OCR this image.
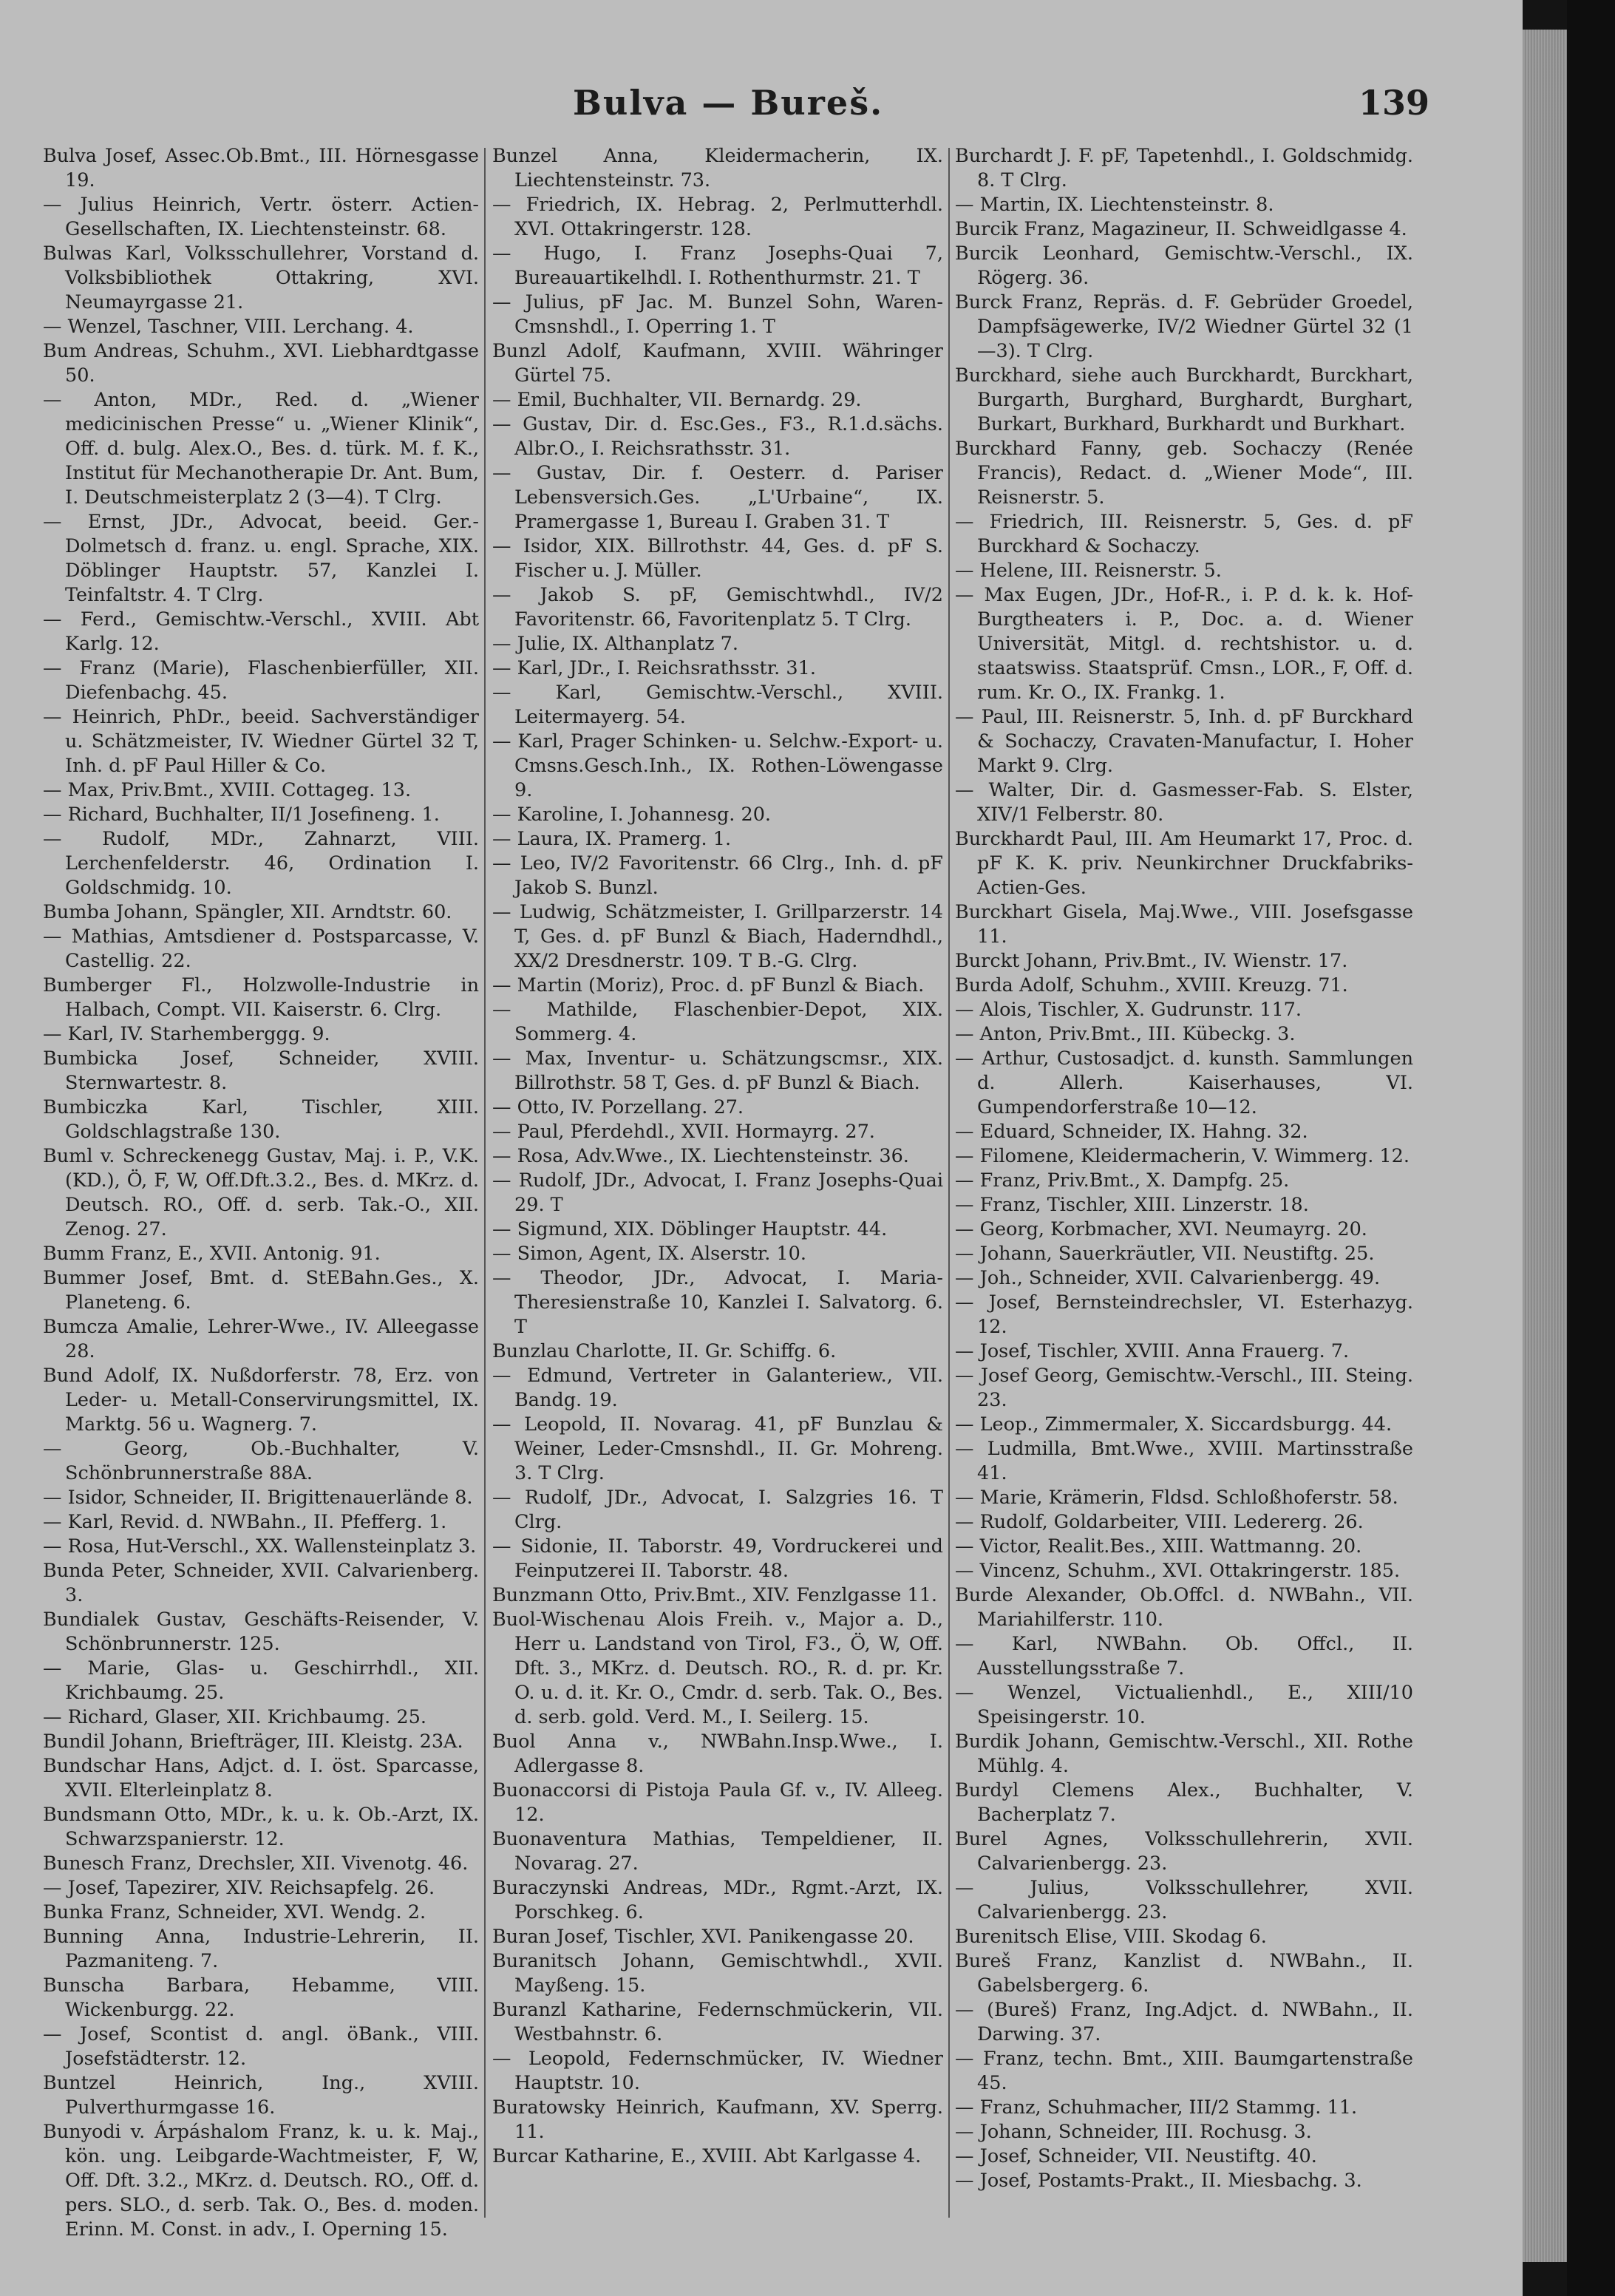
Bulva — Bureš.	139

Bulva Josef, Assec.Ob.Bmt., III. Hörnesgasse 19.

— Julius Heinrich, Vertr. österr. Actien-Gesellschaften, IX. Liechtensteinstr. 68.

Bulwas Karl, Volksschullehrer, Vorstand d. Volksbibliothek Ottakring, XVI. Neumayrgasse 21.

— Wenzel, Taschner, VIII. Lerchang. 4.

Bum Andreas, Schuhm., XVI. Liebhardtgasse 50.

— Anton, MDr., Red. d. „Wiener medicinischen Presse“ u. „Wiener Klinik“, Off. d. bulg. Alex.O., Bes. d. türk. M. f. K., Institut für Mechanotherapie Dr. Ant. Bum, I. Deutschmeisterplatz 2 (3—4). T Clrg.

— Ernst, JDr., Advocat, beeid. Ger.-Dolmetsch d. franz. u. engl. Sprache, XIX. Döblinger Hauptstr. 57, Kanzlei I. Teinfaltstr. 4. T Clrg.

— Ferd., Gemischtw.-Verschl., XVIII. Abt Karlg. 12.

— Franz (Marie), Flaschenbierfüller, XII. Diefenbachg. 45.

— Heinrich, PhDr., beeid. Sachverständiger u. Schätzmeister, IV. Wiedner Gürtel 32 T, Inh. d. pF Paul Hiller & Co.

— Max, Priv.Bmt., XVIII. Cottageg. 13.

— Richard, Buchhalter, II/1 Josefineng. 1.

— Rudolf, MDr., Zahnarzt, VIII. Lerchenfelderstr. 46, Ordination I. Goldschmidg. 10.

Bumba Johann, Spängler, XII. Arndtstr. 60.

— Mathias, Amtsdiener d. Postsparcasse, V. Castellig. 22.

Bumberger Fl., Holzwolle-Industrie in Halbach, Compt. VII. Kaiserstr. 6. Clrg.

— Karl, IV. Starhemberggg. 9.

Bumbicka Josef, Schneider, XVIII. Sternwartestr. 8.

Bumbiczka Karl, Tischler, XIII. Goldschlagstraße 130.

Buml v. Schreckenegg Gustav, Maj. i. P., V.K. (KD.), Ö, F, W, Off.Dft.3.2., Bes. d. MKrz. d. Deutsch. RO., Off. d. serb. Tak.-O., XII. Zenog. 27.

Bumm Franz, E., XVII. Antonig. 91.

Bummer Josef, Bmt. d. StEBahn.Ges., X. Planeteng. 6.

Bumcza Amalie, Lehrer-Wwe., IV. Alleegasse 28.

Bund Adolf, IX. Nußdorferstr. 78, Erz. von Leder- u. Metall-Conservirungsmittel, IX. Marktg. 56 u. Wagnerg. 7.

— Georg, Ob.-Buchhalter, V. Schönbrunnerstraße 88A.

— Isidor, Schneider, II. Brigittenauerlände 8.

— Karl, Revid. d. NWBahn., II. Pfefferg. 1.

— Rosa, Hut-Verschl., XX. Wallensteinplatz 3.

Bunda Peter, Schneider, XVII. Calvarienberg. 3.

Bundialek Gustav, Geschäfts-Reisender, V. Schönbrunnerstr. 125.

— Marie, Glas- u. Geschirrhdl., XII. Krichbaumg. 25.

— Richard, Glaser, XII. Krichbaumg. 25.

Bundil Johann, Briefträger, III. Kleistg. 23A.

Bundschar Hans, Adjct. d. I. öst. Sparcasse, XVII. Elterleinplatz 8.

Bundsmann Otto, MDr., k. u. k. Ob.-Arzt, IX. Schwarzspanierstr. 12.

Bunesch Franz, Drechsler, XII. Vivenotg. 46.

— Josef, Tapezirer, XIV. Reichsapfelg. 26.

Bunka Franz, Schneider, XVI. Wendg. 2.

Bunning Anna, Industrie-Lehrerin, II. Pazmaniteng. 7.

Bunscha Barbara, Hebamme, VIII. Wickenburgg. 22.

— Josef, Scontist d. angl. öBank., VIII. Josefstädterstr. 12.

Buntzel Heinrich, Ing., XVIII. Pulverthurmgasse 16.

Bunyodi v. Árpáshalom Franz, k. u. k. Maj., kön. ung. Leibgarde-Wachtmeister, F, W, Off. Dft. 3.2., MKrz. d. Deutsch. RO., Off. d. pers. SLO., d. serb. Tak. O., Bes. d. moden. Erinn. M. Const. in adv., I. Operning 15.

Bunzel Anna, Kleidermacherin, IX. Liechtensteinstr. 73.

— Friedrich, IX. Hebrag. 2, Perlmutterhdl. XVI. Ottakringerstr. 128.

— Hugo, I. Franz Josephs-Quai 7, Bureauartikelhdl. I. Rothenthurmstr. 21. T

— Julius, pF Jac. M. Bunzel Sohn, Waren-Cmsnshdl., I. Operring 1. T

Bunzl Adolf, Kaufmann, XVIII. Währinger Gürtel 75.

— Emil, Buchhalter, VII. Bernardg. 29.

— Gustav, Dir. d. Esc.Ges., F3., R.1.d.sächs. Albr.O., I. Reichsrathsstr. 31.

— Gustav, Dir. f. Oesterr. d. Pariser Lebensversich.Ges. „L'Urbaine“, IX. Pramergasse 1, Bureau I. Graben 31. T

— Isidor, XIX. Billrothstr. 44, Ges. d. pF S. Fischer u. J. Müller.

— Jakob S. pF, Gemischtwhdl., IV/2 Favoritenstr. 66, Favoritenplatz 5. T Clrg.

— Julie, IX. Althanplatz 7.

— Karl, JDr., I. Reichsrathsstr. 31.

— Karl, Gemischtw.-Verschl., XVIII. Leitermayerg. 54.

— Karl, Prager Schinken- u. Selchw.-Export- u. Cmsns.Gesch.Inh., IX. Rothen-Löwengasse 9.

— Karoline, I. Johannesg. 20.

— Laura, IX. Pramerg. 1.

— Leo, IV/2 Favoritenstr. 66 Clrg., Inh. d. pF Jakob S. Bunzl.

— Ludwig, Schätzmeister, I. Grillparzerstr. 14 T, Ges. d. pF Bunzl & Biach, Haderndhdl., XX/2 Dresdnerstr. 109. T B.-G. Clrg.

— Martin (Moriz), Proc. d. pF Bunzl & Biach.

— Mathilde, Flaschenbier-Depot, XIX. Sommerg. 4.

— Max, Inventur- u. Schätzungscmsr., XIX. Billrothstr. 58 T, Ges. d. pF Bunzl & Biach.

— Otto, IV. Porzellang. 27.

— Paul, Pferdehdl., XVII. Hormayrg. 27.

— Rosa, Adv.Wwe., IX. Liechtensteinstr. 36.

— Rudolf, JDr., Advocat, I. Franz Josephs-Quai 29. T

— Sigmund, XIX. Döblinger Hauptstr. 44.

— Simon, Agent, IX. Alserstr. 10.

— Theodor, JDr., Advocat, I. Maria-Theresienstraße 10, Kanzlei I. Salvatorg. 6. T

Bunzlau Charlotte, II. Gr. Schiffg. 6.

— Edmund, Vertreter in Galanteriew., VII. Bandg. 19.

— Leopold, II. Novarag. 41, pF Bunzlau & Weiner, Leder-Cmsnshdl., II. Gr. Mohreng. 3. T Clrg.

— Rudolf, JDr., Advocat, I. Salzgries 16. T Clrg.

— Sidonie, II. Taborstr. 49, Vordruckerei und Feinputzerei II. Taborstr. 48.

Bunzmann Otto, Priv.Bmt., XIV. Fenzlgasse 11.

Buol-Wischenau Alois Freih. v., Major a. D., Herr u. Landstand von Tirol, F3., Ö, W, Off. Dft. 3., MKrz. d. Deutsch. RO., R. d. pr. Kr. O. u. d. it. Kr. O., Cmdr. d. serb. Tak. O., Bes. d. serb. gold. Verd. M., I. Seilerg. 15.

Buol Anna v., NWBahn.Insp.Wwe., I. Adlergasse 8.

Buonaccorsi di Pistoja Paula Gf. v., IV. Alleeg. 12.

Buonaventura Mathias, Tempeldiener, II. Novarag. 27.

Buraczynski Andreas, MDr., Rgmt.-Arzt, IX. Porschkeg. 6.

Buran Josef, Tischler, XVI. Panikengasse 20.

Buranitsch Johann, Gemischtwhdl., XVII. Mayßeng. 15.

Buranzl Katharine, Federnschmückerin, VII. Westbahnstr. 6.

— Leopold, Federnschmücker, IV. Wiedner Hauptstr. 10.

Buratowsky Heinrich, Kaufmann, XV. Sperrg. 11.

Burcar Katharine, E., XVIII. Abt Karlgasse 4.

Burchardt J. F. pF, Tapetenhdl., I. Goldschmidg. 8. T Clrg.

— Martin, IX. Liechtensteinstr. 8.

Burcik Franz, Magazineur, II. Schweidlgasse 4.

Burcik Leonhard, Gemischtw.-Verschl., IX. Rögerg. 36.

Burck Franz, Repräs. d. F. Gebrüder Groedel, Dampfsägewerke, IV/2 Wiedner Gürtel 32 (1—3). T Clrg.

Burckhard, siehe auch Burckhardt, Burckhart, Burgarth, Burghard, Burghardt, Burghart, Burkart, Burkhard, Burkhardt und Burkhart.

Burckhard Fanny, geb. Sochaczy (Renée Francis), Redact. d. „Wiener Mode“, III. Reisnerstr. 5.

— Friedrich, III. Reisnerstr. 5, Ges. d. pF Burckhard & Sochaczy.

— Helene, III. Reisnerstr. 5.

— Max Eugen, JDr., Hof-R., i. P. d. k. k. Hof-Burgtheaters i. P., Doc. a. d. Wiener Universität, Mitgl. d. rechtshistor. u. d. staatswiss. Staatsprüf. Cmsn., LOR., F, Off. d. rum. Kr. O., IX. Frankg. 1.

— Paul, III. Reisnerstr. 5, Inh. d. pF Burckhard & Sochaczy, Cravaten-Manufactur, I. Hoher Markt 9. Clrg.

— Walter, Dir. d. Gasmesser-Fab. S. Elster, XIV/1 Felberstr. 80.

Burckhardt Paul, III. Am Heumarkt 17, Proc. d. pF K. K. priv. Neunkirchner Druckfabriks-Actien-Ges.

Burckhart Gisela, Maj.Wwe., VIII. Josefsgasse 11.

Burckt Johann, Priv.Bmt., IV. Wienstr. 17.

Burda Adolf, Schuhm., XVIII. Kreuzg. 71.

— Alois, Tischler, X. Gudrunstr. 117.

— Anton, Priv.Bmt., III. Kübeckg. 3.

— Arthur, Custosadjct. d. kunsth. Sammlungen d. Allerh. Kaiserhauses, VI. Gumpendorferstraße 10—12.

— Eduard, Schneider, IX. Hahng. 32.

— Filomene, Kleidermacherin, V. Wimmerg. 12.

— Franz, Priv.Bmt., X. Dampfg. 25.

— Franz, Tischler, XIII. Linzerstr. 18.

— Georg, Korbmacher, XVI. Neumayrg. 20.

— Johann, Sauerkräutler, VII. Neustiftg. 25.

— Joh., Schneider, XVII. Calvarienbergg. 49.

— Josef, Bernsteindrechsler, VI. Esterhazyg. 12.

— Josef, Tischler, XVIII. Anna Frauerg. 7.

— Josef Georg, Gemischtw.-Verschl., III. Steing. 23.

— Leop., Zimmermaler, X. Siccardsburgg. 44.

— Ludmilla, Bmt.Wwe., XVIII. Martinsstraße 41.

— Marie, Krämerin, Fldsd. Schloßhoferstr. 58.

— Rudolf, Goldarbeiter, VIII. Ledererg. 26.

— Victor, Realit.Bes., XIII. Wattmanng. 20.

— Vincenz, Schuhm., XVI. Ottakringerstr. 185.

Burde Alexander, Ob.Offcl. d. NWBahn., VII. Mariahilferstr. 110.

— Karl, NWBahn. Ob. Offcl., II. Ausstellungsstraße 7.

— Wenzel, Victualienhdl., E., XIII/10 Speisingerstr. 10.

Burdik Johann, Gemischtw.-Verschl., XII. Rothe Mühlg. 4.

Burdyl Clemens Alex., Buchhalter, V. Bacherplatz 7.

Burel Agnes, Volksschullehrerin, XVII. Calvarienbergg. 23.

— Julius, Volksschullehrer, XVII. Calvarienbergg. 23.

Burenitsch Elise, VIII. Skodag 6.

Bureš Franz, Kanzlist d. NWBahn., II. Gabelsbergerg. 6.

— (Bureš) Franz, Ing.Adjct. d. NWBahn., II. Darwing. 37.

— Franz, techn. Bmt., XIII. Baumgartenstraße 45.

— Franz, Schuhmacher, III/2 Stammg. 11.

— Johann, Schneider, III. Rochusg. 3.

— Josef, Schneider, VII. Neustiftg. 40.

— Josef, Postamts-Prakt., II. Miesbachg. 3.
